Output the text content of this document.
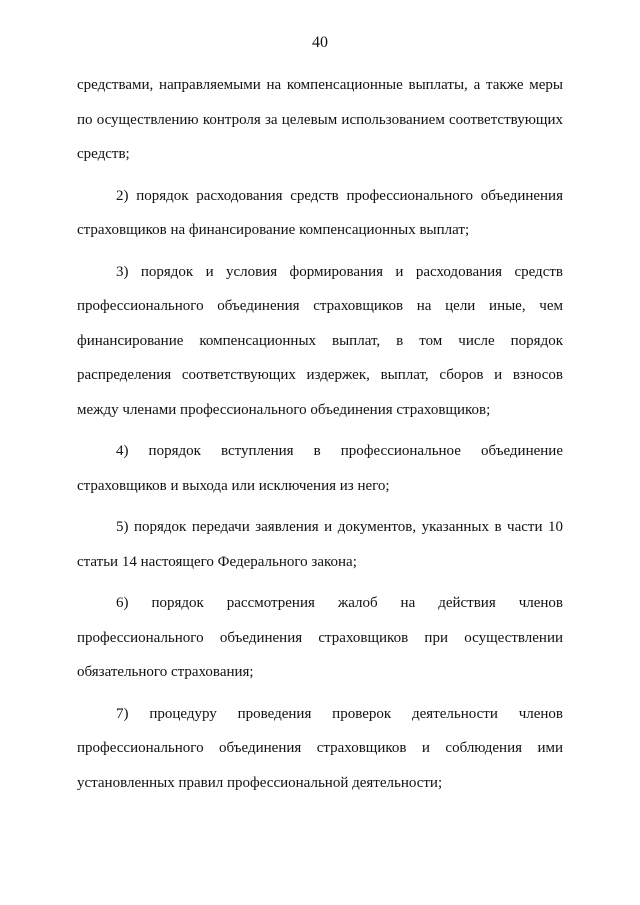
40
средствами, направляемыми на компенсационные выплаты, а также меры
по осуществлению контроля за целевым использованием соответствующих
средств;
2) порядок расходования средств профессионального объединения
страховщиков на финансирование компенсационных выплат;
3) порядок и условия формирования и расходования средств
профессионального объединения страховщиков на цели иные, чем
финансирование компенсационных выплат, в том числе порядок
распределения соответствующих издержек, выплат, сборов и взносов
между членами профессионального объединения страховщиков;
4) порядок вступления в профессиональное объединение
страховщиков и выхода или исключения из него;
5) порядок передачи заявления и документов, указанных в части 10
статьи 14 настоящего Федерального закона;
6) порядок рассмотрения жалоб на действия членов
профессионального объединения страховщиков при осуществлении
обязательного страхования;
7) процедуру проведения проверок деятельности членов
профессионального объединения страховщиков и соблюдения ими
установленных правил профессиональной деятельности;
